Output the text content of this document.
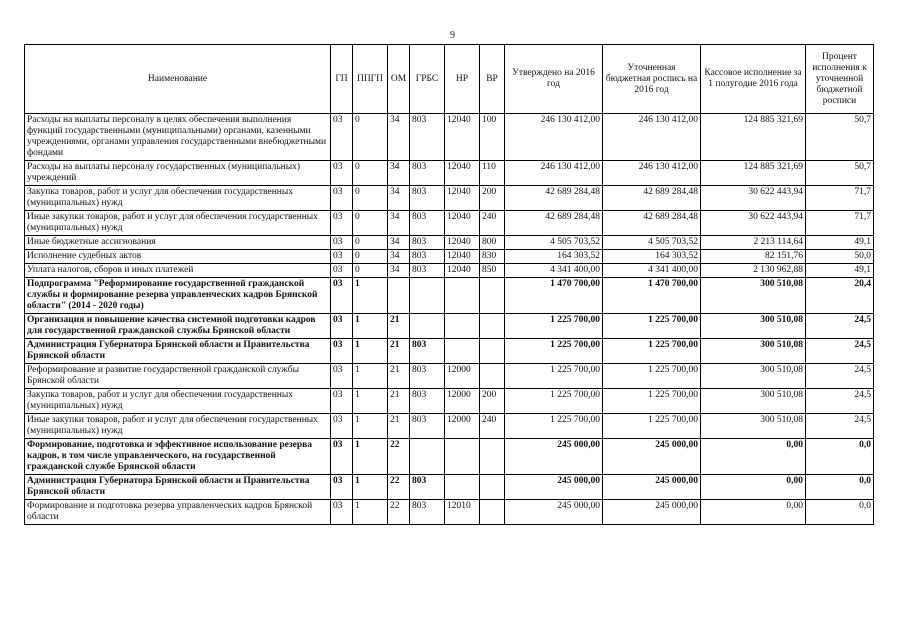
9
Наименование	ГП	ППГП	ОМ	ГРБС	НР	ВР	Утверждено на 2016 год	Уточненная бюджетная роспись на 2016 год	Кассовое исполнение за 1 полугодие 2016 года	Процент исполнения к уточненной бюджетной росписи
Расходы на выплаты персоналу в целях обеспечения выполнения функций государственными (муниципальными) органами, казенными учреждениями, органами управления государственными внебюджетными фондами	03	0	34	803	12040	100	246 130 412,00	246 130 412,00	124 885 321,69	50,7
Расходы на выплаты персоналу государственных (муниципальных) учреждений	03	0	34	803	12040	110	246 130 412,00	246 130 412,00	124 885 321,69	50,7
Закупка товаров, работ и услуг для обеспечения государственных (муниципальных) нужд	03	0	34	803	12040	200	42 689 284,48	42 689 284,48	30 622 443,94	71,7
Иные закупки товаров, работ и услуг для обеспечения государственных (муниципальных) нужд	03	0	34	803	12040	240	42 689 284,48	42 689 284,48	30 622 443,94	71,7
Иные бюджетные ассигнования	03	0	34	803	12040	800	4 505 703,52	4 505 703,52	2 213 114,64	49,1
Исполнение судебных актов	03	0	34	803	12040	830	164 303,52	164 303,52	82 151,76	50,0
Уплата налогов, сборов и иных платежей	03	0	34	803	12040	850	4 341 400,00	4 341 400,00	2 130 962,88	49,1
Подпрограмма "Реформирование государственной гражданской службы и формирование резерва управленческих кадров Брянской области" (2014 - 2020 годы)	03	1					1 470 700,00	1 470 700,00	300 510,08	20,4
Организация и повышение качества системной подготовки кадров для государственной гражданской службы Брянской области	03	1	21				1 225 700,00	1 225 700,00	300 510,08	24,5
Администрация Губернатора Брянской области и Правительства Брянской области	03	1	21	803			1 225 700,00	1 225 700,00	300 510,08	24,5
Реформирование и развитие государственной гражданской службы Брянской области	03	1	21	803	12000		1 225 700,00	1 225 700,00	300 510,08	24,5
Закупка товаров, работ и услуг для обеспечения государственных (муниципальных) нужд	03	1	21	803	12000	200	1 225 700,00	1 225 700,00	300 510,08	24,5
Иные закупки товаров, работ и услуг для обеспечения государственных (муниципальных) нужд	03	1	21	803	12000	240	1 225 700,00	1 225 700,00	300 510,08	24,5
Формирование, подготовка и эффективное использование резерва кадров, в том числе управленческого, на государственной гражданской службе Брянской области	03	1	22				245 000,00	245 000,00	0,00	0,0
Администрация Губернатора Брянской области и Правительства Брянской области	03	1	22	803			245 000,00	245 000,00	0,00	0,0
Формирование и подготовка резерва управленческих кадров Брянской области	03	1	22	803	12010		245 000,00	245 000,00	0,00	0,0
